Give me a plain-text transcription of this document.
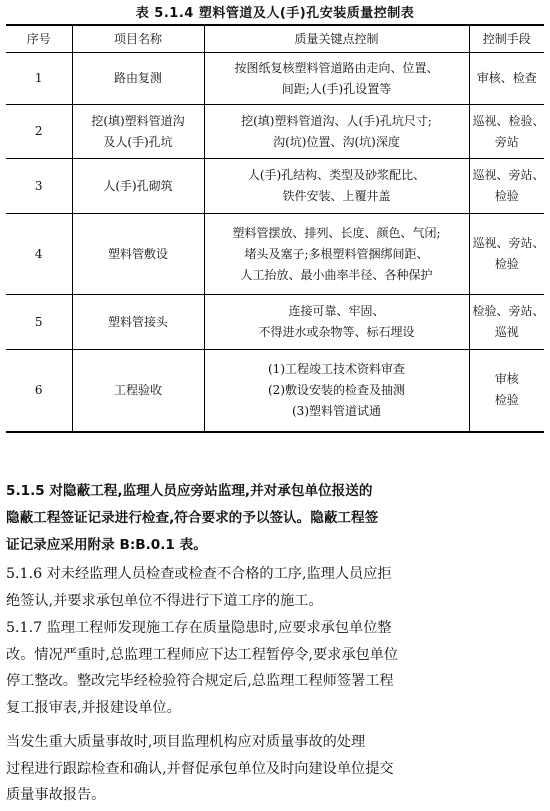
表 5.1.4 塑料管道及人(手)孔安装质量控制表
序号	项目名称	质量关键点控制	控制手段
1	路由复测	按图纸复核塑料管道路由走向、位置、
间距;人(手)孔设置等	审核、检查

2	挖(填)塑料管道沟
及人(手)孔坑	挖(填)塑料管道沟、人(手)孔坑尺寸;
沟(坑)位置、沟(坑)深度	巡视、检验、
旁站

3	人(手)孔砌筑	人(手)孔结构、类型及砂浆配比、
铁件安装、上覆井盖	巡视、旁站、
检验

4	塑料管敷设	塑料管摆放、排列、长度、颜色、气闭;
堵头及塞子;多根塑料管捆绑间距、
人工抬放、最小曲率半径、各种保护	巡视、旁站、
检验

5	塑料管接头	连接可靠、牢固、
不得进水或杂物等、标石埋设	检验、旁站、
巡视

6	工程验收	(1)工程竣工技术资料审查
(2)敷设安装的检查及抽测
(3)塑料管道试通	审核
检验
5.1.5 对隐蔽工程,监理人员应旁站监理,并对承包单位报送的
隐蔽工程签证记录进行检查,符合要求的予以签认。隐蔽工程签
证记录应采用附录 B:B.0.1 表。
5.1.6 对未经监理人员检查或检查不合格的工序,监理人员应拒
绝签认,并要求承包单位不得进行下道工序的施工。
5.1.7 监理工程师发现施工存在质量隐患时,应要求承包单位整
改。情况严重时,总监理工程师应下达工程暂停令,要求承包单位
停工整改。整改完毕经检验符合规定后,总监理工程师签署工程
复工报审表,并报建设单位。
当发生重大质量事故时,项目监理机构应对质量事故的处理
过程进行跟踪检查和确认,并督促承包单位及时向建设单位提交
质量事故报告。
